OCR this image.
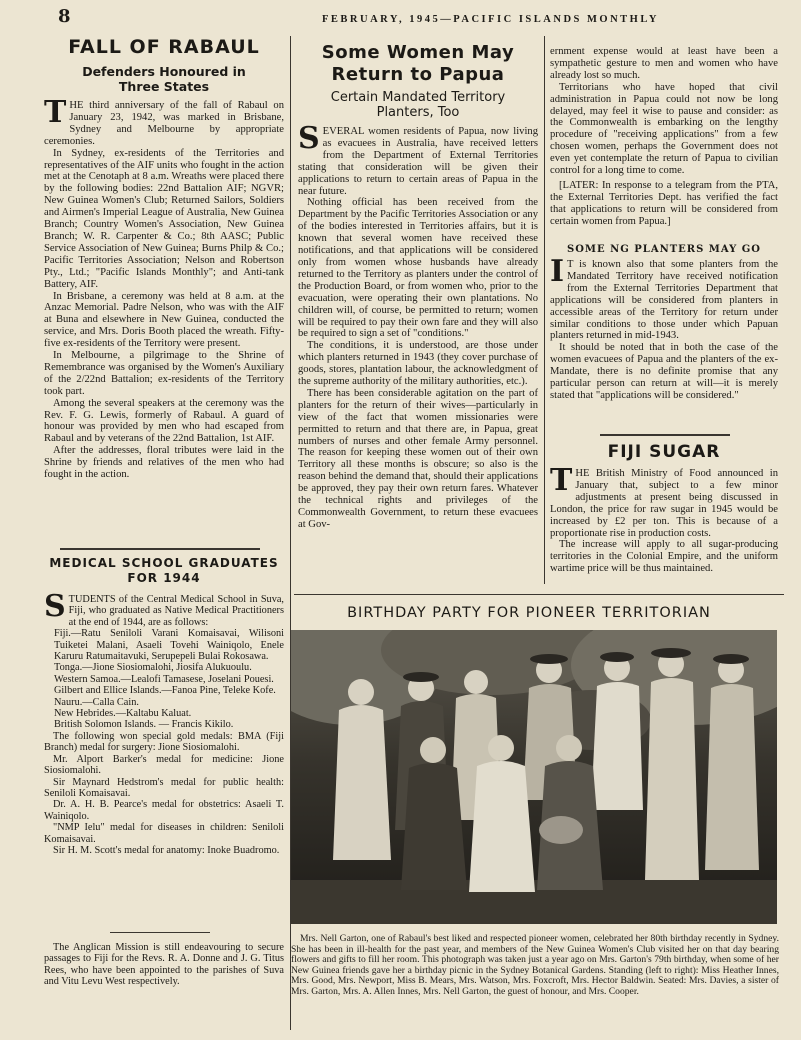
8	FEBRUARY, 1945—PACIFIC ISLANDS MONTHLY
FALL OF RABAUL
Defenders Honoured in Three States
T HE third anniversary of the fall of Rabaul on January 23, 1942, was marked in Brisbane, Sydney and Melbourne by appropriate ceremonies.

In Sydney, ex-residents of the Territories and representatives of the AIF units who fought in the action met at the Cenotaph at 8 a.m. Wreaths were placed there by the following bodies: 22nd Battalion AIF; NGVR; New Guinea Women's Club; Returned Sailors, Soldiers and Airmen's Imperial League of Australia, New Guinea Branch; Country Women's Association, New Guinea Branch; W. R. Carpenter & Co.; 8th AASC; Public Service Association of New Guinea; Burns Philp & Co.; Pacific Territories Association; Nelson and Robertson Pty., Ltd.; "Pacific Islands Monthly"; and Anti-tank Battery, AIF.

In Brisbane, a ceremony was held at 8 a.m. at the Anzac Memorial. Padre Nelson, who was with the AIF at Buna and elsewhere in New Guinea, conducted the service, and Mrs. Doris Booth placed the wreath. Fifty-five ex-residents of the Territory were present.

In Melbourne, a pilgrimage to the Shrine of Remembrance was organised by the Women's Auxiliary of the 2/22nd Battalion; ex-residents of the Territory took part.

Among the several speakers at the ceremony was the Rev. F. G. Lewis, formerly of Rabaul. A guard of honour was provided by men who had escaped from Rabaul and by veterans of the 22nd Battalion, 1st AIF.

After the addresses, floral tributes were laid in the Shrine by friends and relatives of the men who had fought in the action.

MEDICAL SCHOOL GRADUATES
FOR 1944
S TUDENTS of the Central Medical School in Suva, Fiji, who graduated as Native Medical Practitioners at the end of 1944, are as follows:

Fiji.—Ratu Seniloli Varani Komaisavai, Wilisoni Tuiketei Malani, Asaeli Tovehi Wainiqolo, Enele Karuru Ratumaitavuki, Serupepeli Bulai Rokosawa.

Tonga.—Jione Siosiomalohi, Jiosifa Alukuoulu.

Western Samoa.—Lealofi Tamasese, Joselani Pouesi.

Gilbert and Ellice Islands.—Fanoa Pine, Teleke Kofe.

Nauru.—Calla Cain.

New Hebrides.—Kaltabu Kaluat.

British Solomon Islands. — Francis Kikilo.

The following won special gold medals: BMA (Fiji Branch) medal for surgery: Jione Siosiomalohi.

Mr. Alport Barker's medal for medicine: Jione Siosiomalohi.

Sir Maynard Hedstrom's medal for public health: Seniloli Komaisavai.

Dr. A. H. B. Pearce's medal for obstetrics: Asaeli T. Wainiqolo.

"NMP Ielu" medal for diseases in children: Seniloli Komaisavai.

Sir H. M. Scott's medal for anatomy: Inoke Buadromo.

The Anglican Mission is still endeavouring to secure passages to Fiji for the Revs. R. A. Donne and J. G. Titus Rees, who have been appointed to the parishes of Suva and Vitu Levu West respectively.

Some Women May
Return to Papua
Certain Mandated Territory
Planters, Too
S EVERAL women residents of Papua, now living as evacuees in Australia, have received letters from the Department of External Territories stating that consideration will be given their applications to return to certain areas of Papua in the near future.

Nothing official has been received from the Department by the Pacific Territories Association or any of the bodies interested in Territories affairs, but it is known that several women have received these notifications, and that applications will be considered only from women whose husbands have already returned to the Territory as planters under the control of the Production Board, or from women who, prior to the evacuation, were operating their own plantations. No children will, of course, be permitted to return; women will be required to pay their own fare and they will also be required to sign a set of "conditions."

The conditions, it is understood, are those under which planters returned in 1943 (they cover purchase of goods, stores, plantation labour, the acknowledgment of the supreme authority of the military authorities, etc.).

There has been considerable agitation on the part of planters for the return of their wives—particularly in view of the fact that women missionaries were permitted to return and that there are, in Papua, great numbers of nurses and other female Army personnel. The reason for keeping these women out of their own Territory all these months is obscure; so also is the reason behind the demand that, should their applications be approved, they pay their own return fares. Whatever the technical rights and privileges of the Commonwealth Government, to return these evacuees at Gov-

ernment expense would at least have been a sympathetic gesture to men and women who have already lost so much.

Territorians who have hoped that civil administration in Papua could not now be long delayed, may feel it wise to pause and consider: as the Commonwealth is embarking on the lengthy procedure of "receiving applications" from a few chosen women, perhaps the Government does not even yet contemplate the return of Papua to civilian control for a long time to come.

[LATER: In response to a telegram from the PTA, the External Territories Dept. has verified the fact that applications to return will be considered from certain women from Papua.]

SOME NG PLANTERS MAY GO
I T is known also that some planters from the Mandated Territory have received notification from the External Territories Department that applications will be considered from planters in accessible areas of the Territory for return under similar conditions to those under which Papuan planters returned in mid-1943.

It should be noted that in both the case of the women evacuees of Papua and the planters of the ex-Mandate, there is no definite promise that any particular person can return at will—it is merely stated that "applications will be considered."

FIJI SUGAR
T HE British Ministry of Food announced in January that, subject to a few minor adjustments at present being discussed in London, the price for raw sugar in 1945 would be increased by £2 per ton. This is because of a proportionate rise in production costs.

The increase will apply to all sugar-producing territories in the Colonial Empire, and the uniform wartime price will be thus maintained.

BIRTHDAY PARTY FOR PIONEER TERRITORIAN

Mrs. Nell Garton, one of Rabaul's best liked and respected pioneer women, celebrated her 80th birthday recently in Sydney. She has been in ill-health for the past year, and members of the New Guinea Women's Club visited her on that day bearing flowers and gifts to fill her room. This photograph was taken just a year ago on Mrs. Garton's 79th birthday, when some of her New Guinea friends gave her a birthday picnic in the Sydney Botanical Gardens. Standing (left to right): Miss Heather Innes, Mrs. Good, Mrs. Newport, Miss B. Mears, Mrs. Watson, Mrs. Foxcroft, Mrs. Hector Baldwin. Seated: Mrs. Davies, a sister of Mrs. Garton, Mrs. A. Allen Innes, Mrs. Nell Garton, the guest of honour, and Mrs. Cooper.
